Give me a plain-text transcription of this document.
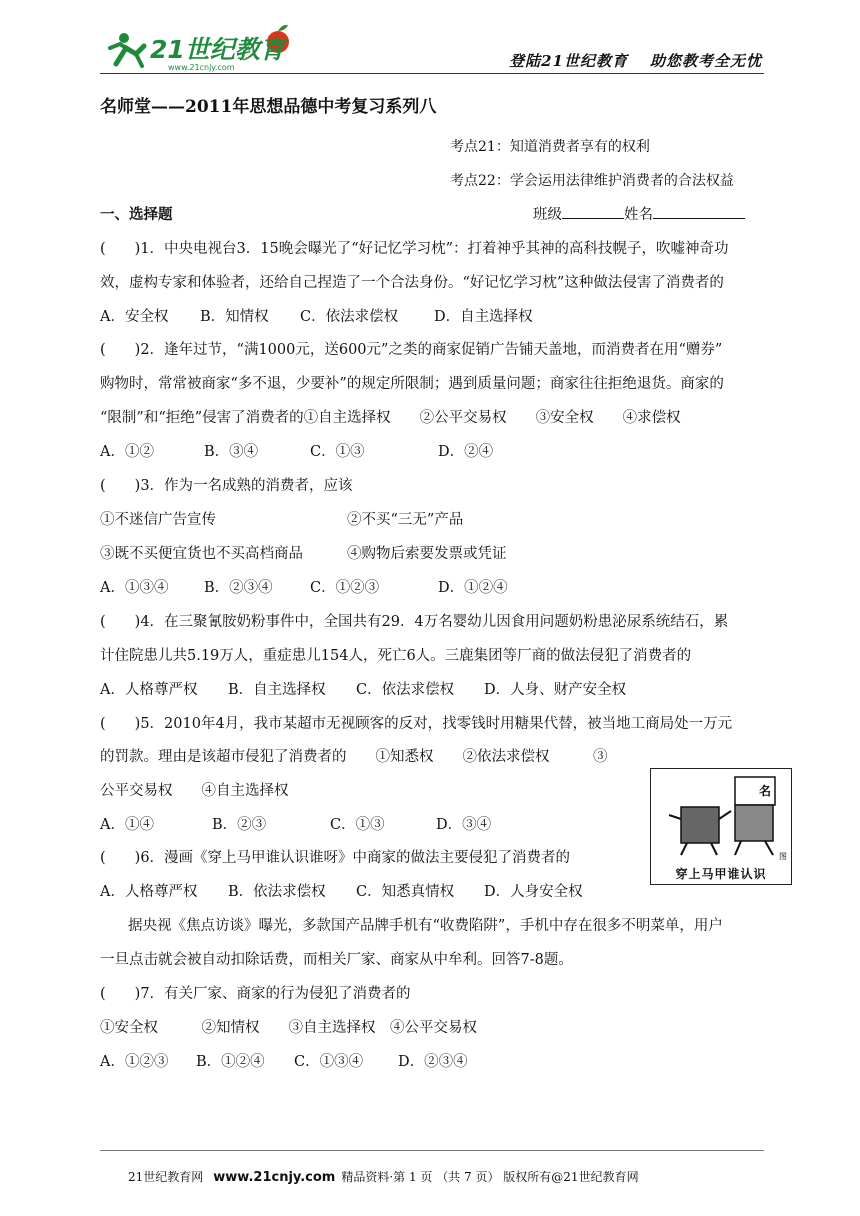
21世纪教育
www.21cnjy.com	登陆21世纪教育 助您教考全无忧
名师堂——2011年思想品德中考复习系列八
考点21：知道消费者享有的权利
考点22：学会运用法律维护消费者的合法权益
一、选择题	班级	姓名
(　　)1．中央电视台3．15晚会曝光了“好记忆学习枕”：打着神乎其神的高科技幌子，吹嘘神奇功
效，虚构专家和体验者，还给自己捏造了一个合法身份。“好记忆学习枕”这种做法侵害了消费者的
A．安全权 B．知情权 C．依法求偿权 D．自主选择权
(　　)2．逢年过节，“满1000元，送600元”之类的商家促销广告铺天盖地，而消费者在用“赠券”
购物时，常常被商家“多不退，少要补”的规定所限制；遇到质量问题；商家往往拒绝退货。商家的
“限制”和“拒绝”侵害了消费者的①自主选择权　　②公平交易权　　③安全权　　④求偿权
A．①②	B．③④	C．①③	D．②④
(　　)3．作为一名成熟的消费者，应该
①不迷信广告宣传	②不买“三无”产品
③既不买便宜货也不买高档商品	④购物后索要发票或凭证
A．①③④ B．②③④	C．①②③	D．①②④
(　　)4．在三聚氰胺奶粉事件中，全国共有29．4万名婴幼儿因食用问题奶粉患泌尿系统结石，累
计住院患儿共5.19万人，重症患儿154人，死亡6人。三鹿集团等厂商的做法侵犯了消费者的
A．人格尊严权 B．自主选择权 C．依法求偿权 D．人身、财产安全权
(　　)5．2010年4月，我市某超市无视顾客的反对，找零钱时用糖果代替，被当地工商局处一万元
的罚款。理由是该超市侵犯了消费者的　　①知悉权　　②依法求偿权　　　③
公平交易权　　④自主选择权
A．①④	B．②③	C．①③	D．③④
名
图
穿上马甲谁认识
(　　)6．漫画《穿上马甲谁认识谁呀》中商家的做法主要侵犯了消费者的
A．人格尊严权 B．依法求偿权 C．知悉真情权 D．人身安全权
据央视《焦点访谈》曝光，多款国产品牌手机有“收费陷阱”，手机中存在很多不明菜单，用户
一旦点击就会被自动扣除话费，而相关厂家、商家从中牟利。回答7-8题。
(　　)7．有关厂家、商家的行为侵犯了消费者的
①安全权　　　②知情权　　③自主选择权　④公平交易权
A．①②③ B．①②④ C．①③④ D．②③④
21世纪教育网 www.21cnjy.com 精品资料·第 1 页 （共 7 页） 版权所有@21世纪教育网
